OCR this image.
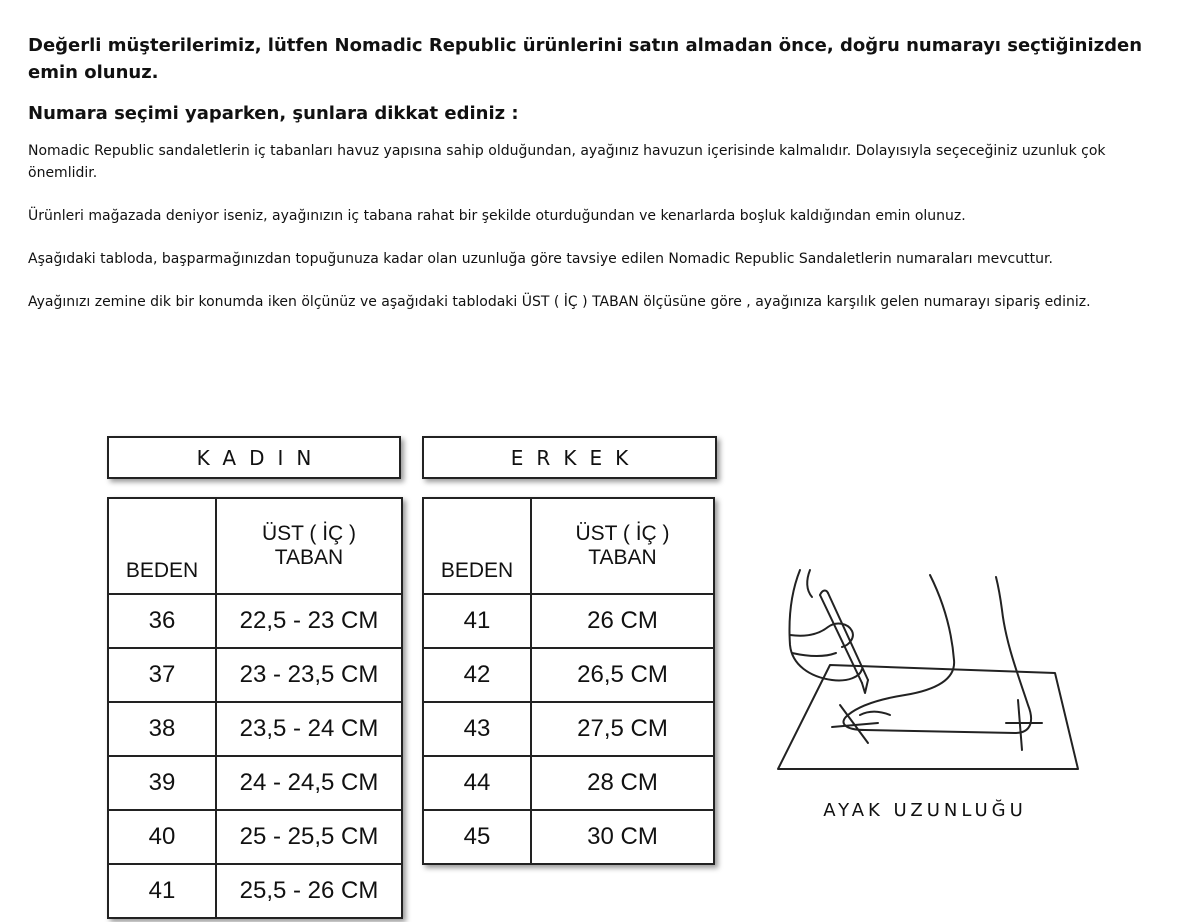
Değerli müşterilerimiz, lütfen Nomadic Republic ürünlerini satın almadan önce, doğru numarayı seçtiğinizden emin olunuz.

Numara seçimi yaparken, şunlara dikkat ediniz :

Nomadic Republic sandaletlerin iç tabanları havuz yapısına sahip olduğundan, ayağınız havuzun içerisinde kalmalıdır. Dolayısıyla seçeceğiniz uzunluk çok önemlidir.

Ürünleri mağazada deniyor iseniz, ayağınızın iç tabana rahat bir şekilde oturduğundan ve kenarlarda boşluk kaldığından emin olunuz.

Aşağıdaki tabloda, başparmağınızdan topuğunuza kadar olan uzunluğa göre tavsiye edilen Nomadic Republic Sandaletlerin numaraları mevcuttur.

Ayağınızı zemine dik bir konumda iken ölçünüz ve aşağıdaki tablodaki ÜST ( İÇ ) TABAN ölçüsüne göre , ayağınıza karşılık gelen numarayı sipariş ediniz.

KADIN
BEDEN	ÜST ( İÇ )
TABAN

36	22,5 - 23 CM
37	23 - 23,5 CM
38	23,5 - 24 CM
39	24 - 24,5 CM
40	25 - 25,5 CM
41	25,5 - 26 CM
ERKEK
BEDEN	ÜST ( İÇ )
TABAN

41	26 CM
42	26,5 CM
43	27,5 CM
44	28 CM
45	30 CM
AYAK UZUNLUĞU
